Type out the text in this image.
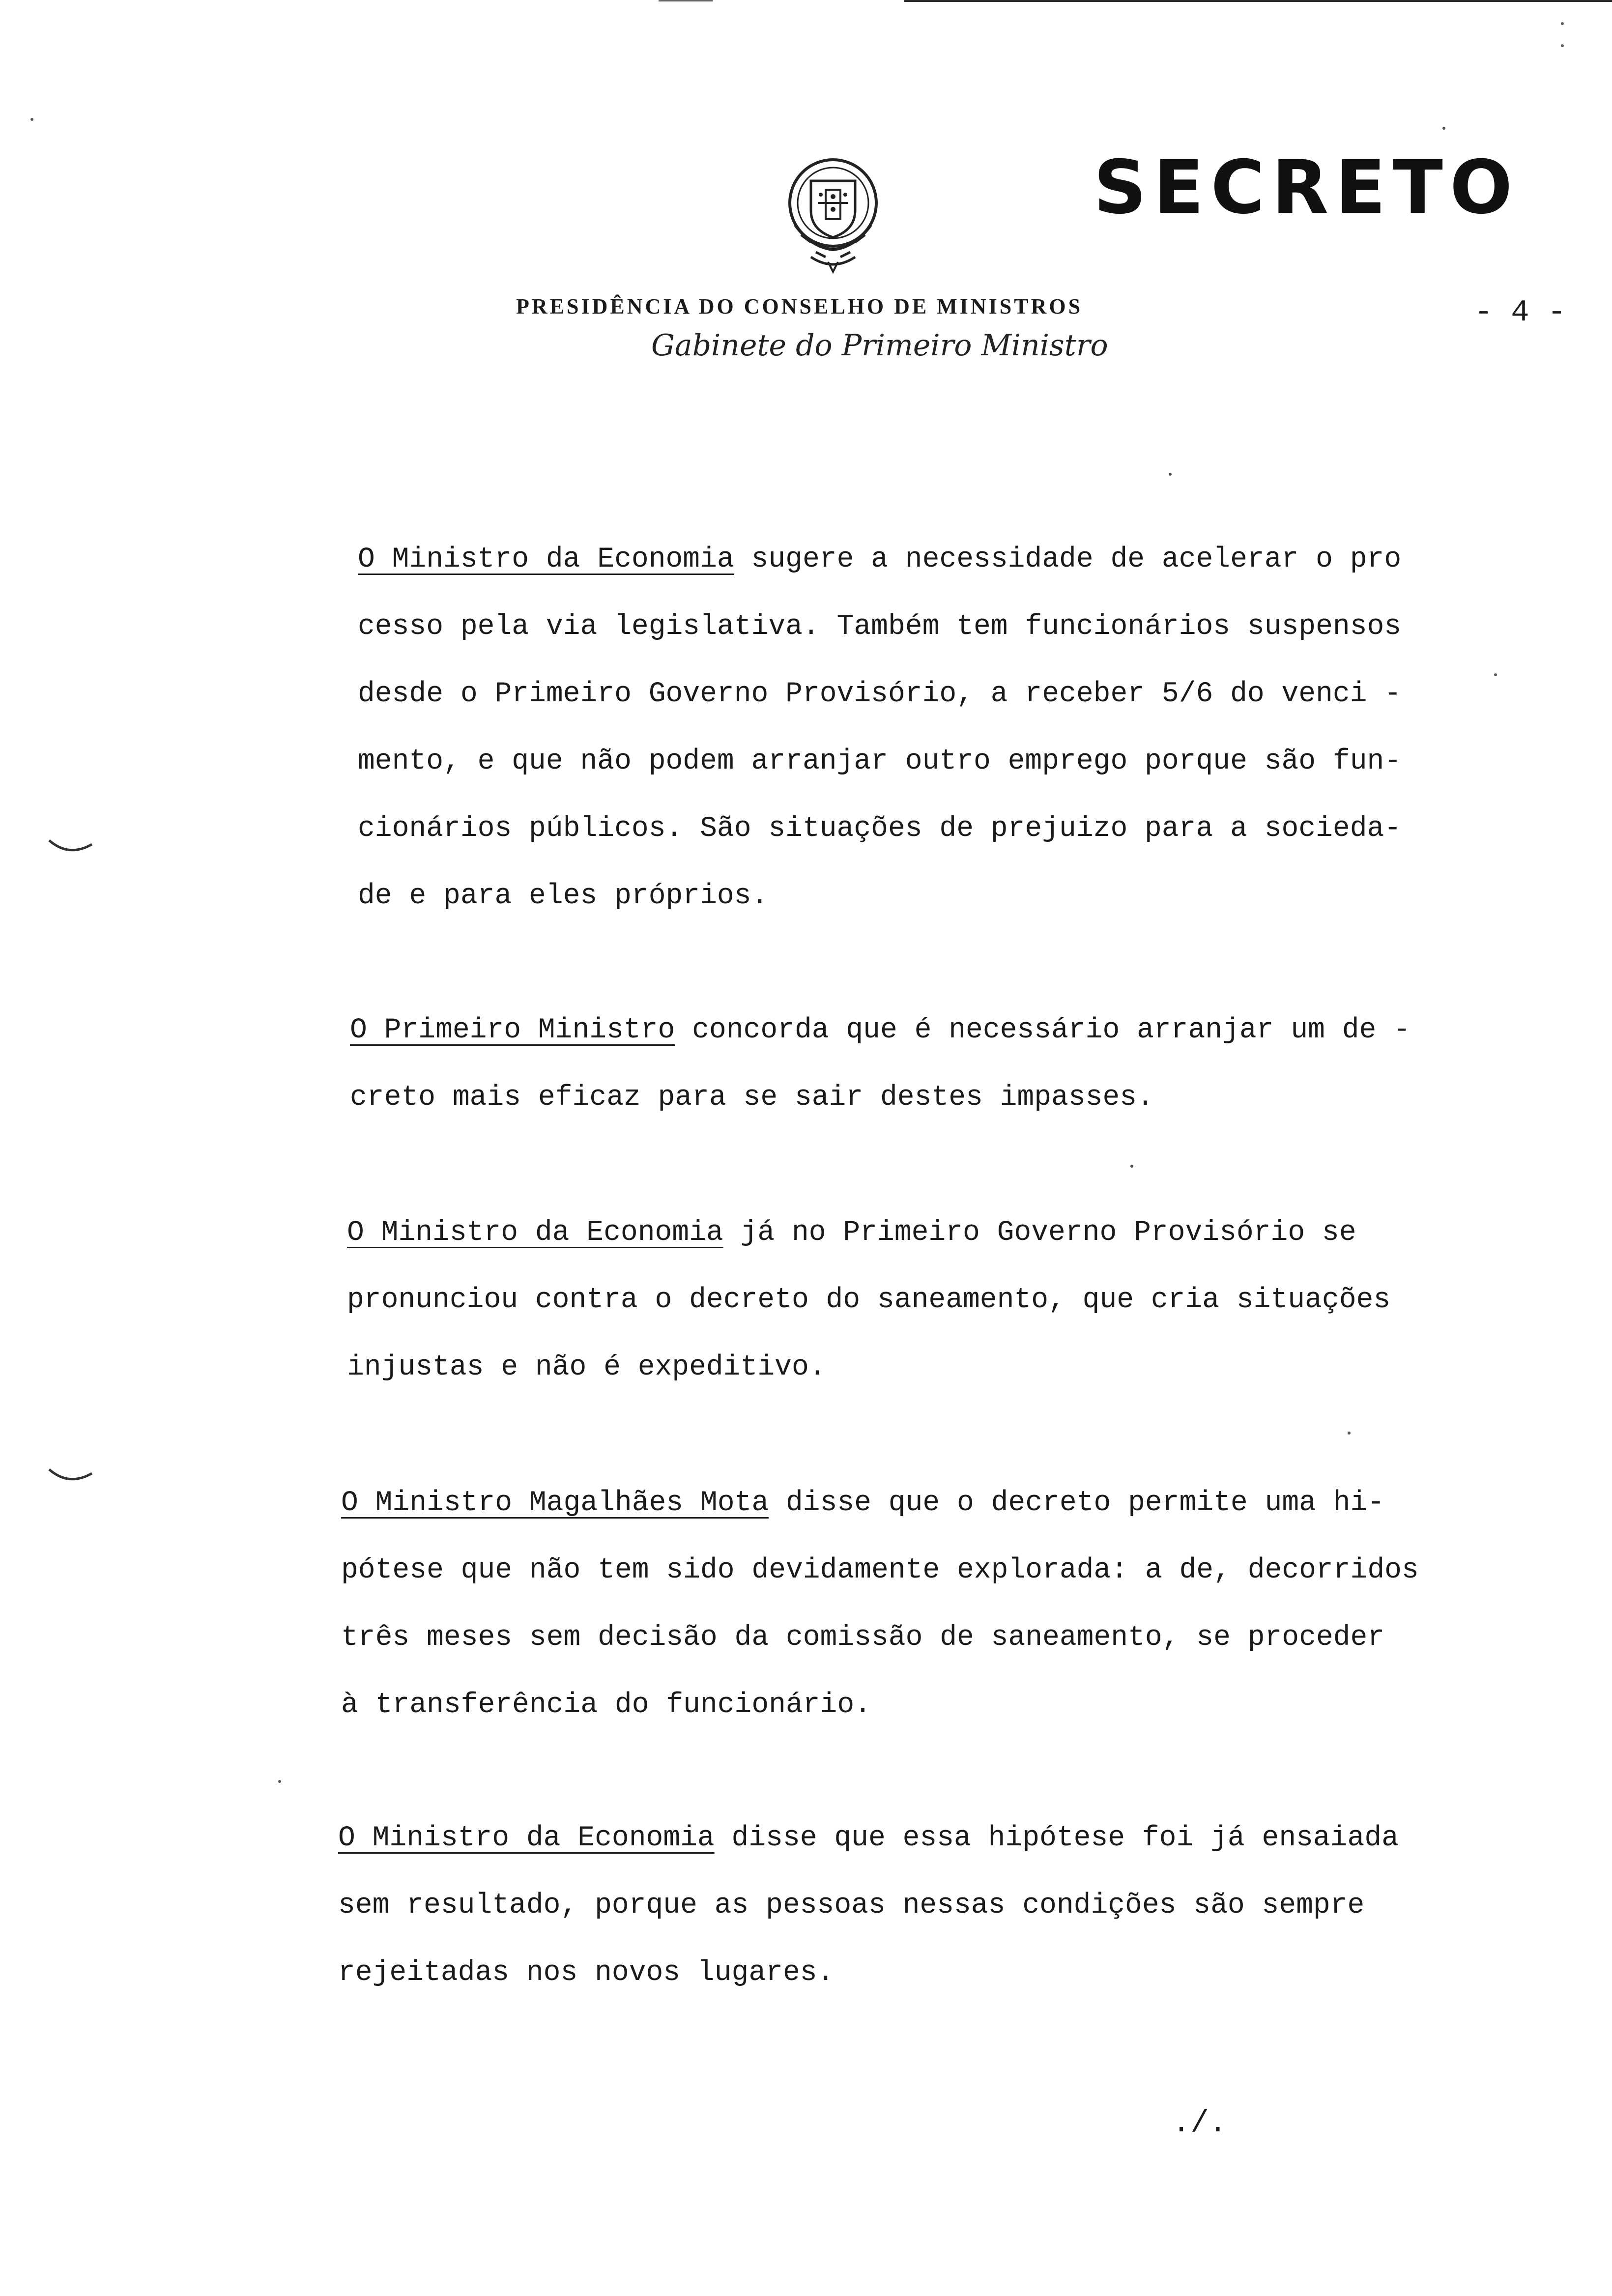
SECRETO
PRESIDÊNCIA DO CONSELHO DE MINISTROS	- 4 -
Gabinete do Primeiro Ministro
O Ministro da Economia sugere a necessidade de acelerar o pro
cesso pela via legislativa. Também tem funcionários suspensos
desde o Primeiro Governo Provisório, a receber 5/6 do venci -
mento, e que não podem arranjar outro emprego porque são fun-
cionários públicos. São situações de prejuizo para a socieda-
de e para eles próprios.
O Primeiro Ministro concorda que é necessário arranjar um de -
creto mais eficaz para se sair destes impasses.
O Ministro da Economia já no Primeiro Governo Provisório se
pronunciou contra o decreto do saneamento, que cria situações
injustas e não é expeditivo.
O Ministro Magalhães Mota disse que o decreto permite uma hi-
pótese que não tem sido devidamente explorada: a de, decorridos
três meses sem decisão da comissão de saneamento, se proceder
à transferência do funcionário.
O Ministro da Economia disse que essa hipótese foi já ensaiada
sem resultado, porque as pessoas nessas condições são sempre
rejeitadas nos novos lugares.
./.
